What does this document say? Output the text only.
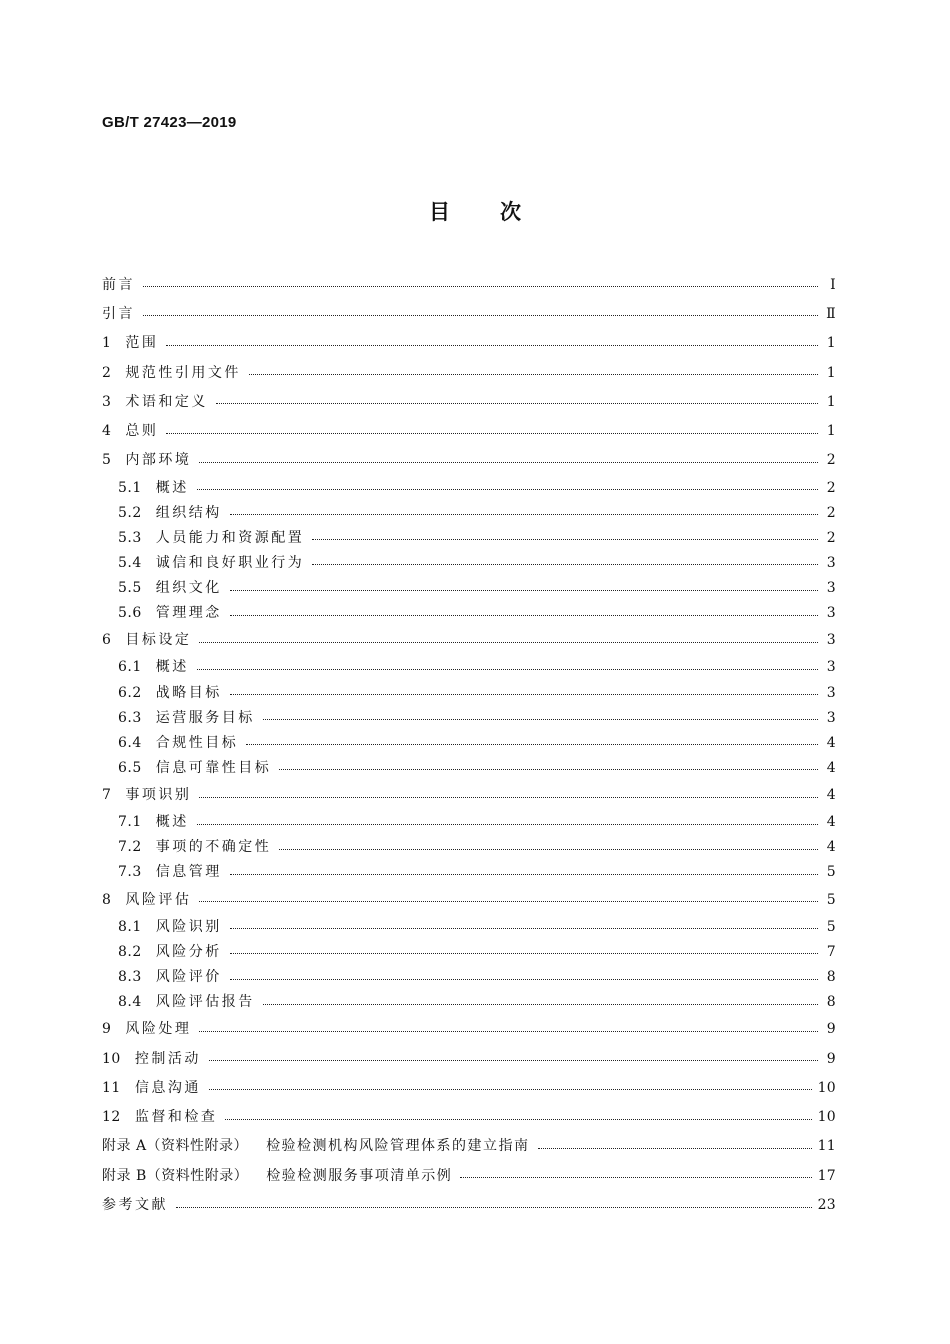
GB/T 27423—2019
目次
前言	Ⅰ
引言	Ⅱ
1 范围	1
2 规范性引用文件	1
3 术语和定义	1
4 总则	1
5 内部环境	2
5.1 概述	2
5.2 组织结构	2
5.3 人员能力和资源配置	2
5.4 诚信和良好职业行为	3
5.5 组织文化	3
5.6 管理理念	3
6 目标设定	3
6.1 概述	3
6.2 战略目标	3
6.3 运营服务目标	3
6.4 合规性目标	4
6.5 信息可靠性目标	4
7 事项识别	4
7.1 概述	4
7.2 事项的不确定性	4
7.3 信息管理	5
8 风险评估	5
8.1 风险识别	5
8.2 风险分析	7
8.3 风险评价	8
8.4 风险评估报告	8
9 风险处理	9
10 控制活动	9
11 信息沟通	10
12 监督和检查	10
附录 A（资料性附录） 检验检测机构风险管理体系的建立指南	11
附录 B（资料性附录） 检验检测服务事项清单示例	17
参考文献	23
